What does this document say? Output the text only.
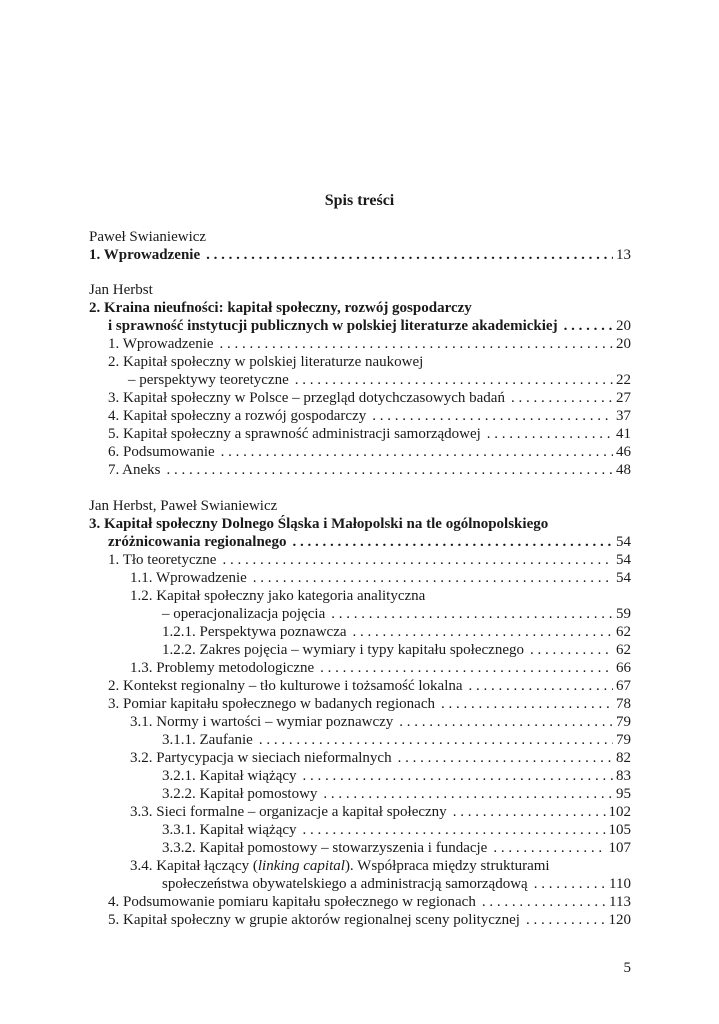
Spis treści
Paweł Swianiewicz
1. Wprowadzenie . . .	13
Jan Herbst
2. Kraina nieufności: kapitał społeczny, rozwój gospodarczy
i sprawność instytucji publicznych w polskiej literaturze akademickiej . . .	20
1. Wprowadzenie . . .	20
2. Kapitał społeczny w polskiej literaturze naukowej
– perspektywy teoretyczne . . .	22
3. Kapitał społeczny w Polsce – przegląd dotychczasowych badań . . .	27
4. Kapitał społeczny a rozwój gospodarczy . . .	37
5. Kapitał społeczny a sprawność administracji samorządowej . . .	41
6. Podsumowanie . . .	46
7. Aneks . . .	48
Jan Herbst, Paweł Swianiewicz
3. Kapitał społeczny Dolnego Śląska i Małopolski na tle ogólnopolskiego
zróżnicowania regionalnego . . .	54
1. Tło teoretyczne . . .	54
1.1. Wprowadzenie . . .	54
1.2. Kapitał społeczny jako kategoria analityczna
– operacjonalizacja pojęcia . . .	59
1.2.1. Perspektywa poznawcza . . .	62
1.2.2. Zakres pojęcia – wymiary i typy kapitału społecznego . . .	62
1.3. Problemy metodologiczne . . .	66
2. Kontekst regionalny – tło kulturowe i tożsamość lokalna . . .	67
3. Pomiar kapitału społecznego w badanych regionach . . .	78
3.1. Normy i wartości – wymiar poznawczy . . .	79
3.1.1. Zaufanie . . .	79
3.2. Partycypacja w sieciach nieformalnych . . .	82
3.2.1. Kapitał wiążący . . .	83
3.2.2. Kapitał pomostowy . . .	95
3.3. Sieci formalne – organizacje a kapitał społeczny . . .	102
3.3.1. Kapitał wiążący . . .	105
3.3.2. Kapitał pomostowy – stowarzyszenia i fundacje . . .	107
3.4. Kapitał łączący (linking capital). Współpraca między strukturami
społeczeństwa obywatelskiego a administracją samorządową . . .	110
4. Podsumowanie pomiaru kapitału społecznego w regionach . . .	113
5. Kapitał społeczny w grupie aktorów regionalnej sceny politycznej . . .	120
5
